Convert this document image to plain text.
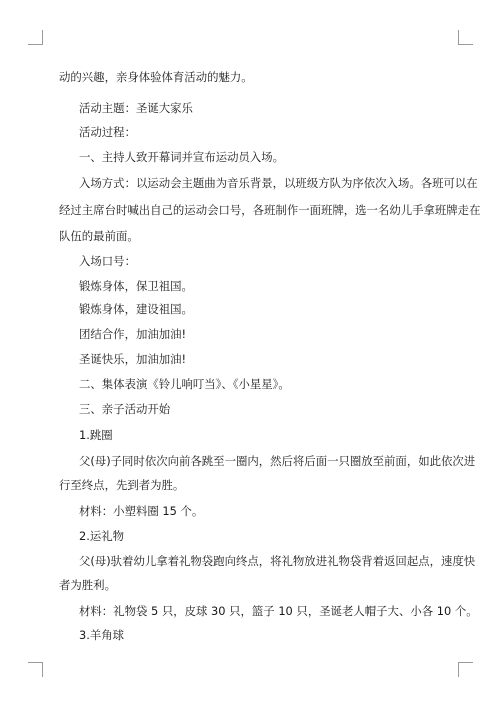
动的兴趣，亲身体验体育活动的魅力。
活动主题：圣诞大家乐
活动过程：
一、主持人致开幕词并宣布运动员入场。
入场方式：以运动会主题曲为音乐背景，以班级方队为序依次入场。各班可以在
经过主席台时喊出自己的运动会口号，各班制作一面班牌，选一名幼儿手拿班牌走在
队伍的最前面。
入场口号：
锻炼身体，保卫祖国。
锻炼身体，建设祖国。
团结合作，加油加油!
圣诞快乐，加油加油!
二、集体表演《铃儿响叮当》、《小星星》。
三、亲子活动开始
1.跳圈
父(母)子同时依次向前各跳至一圈内，然后将后面一只圈放至前面，如此依次进
行至终点，先到者为胜。
材料：小塑料圈 15 个。
2.运礼物
父(母)驮着幼儿拿着礼物袋跑向终点，将礼物放进礼物袋背着返回起点，速度快
者为胜利。
材料：礼物袋 5 只，皮球 30 只，篮子 10 只，圣诞老人帽子大、小各 10 个。
3.羊角球
